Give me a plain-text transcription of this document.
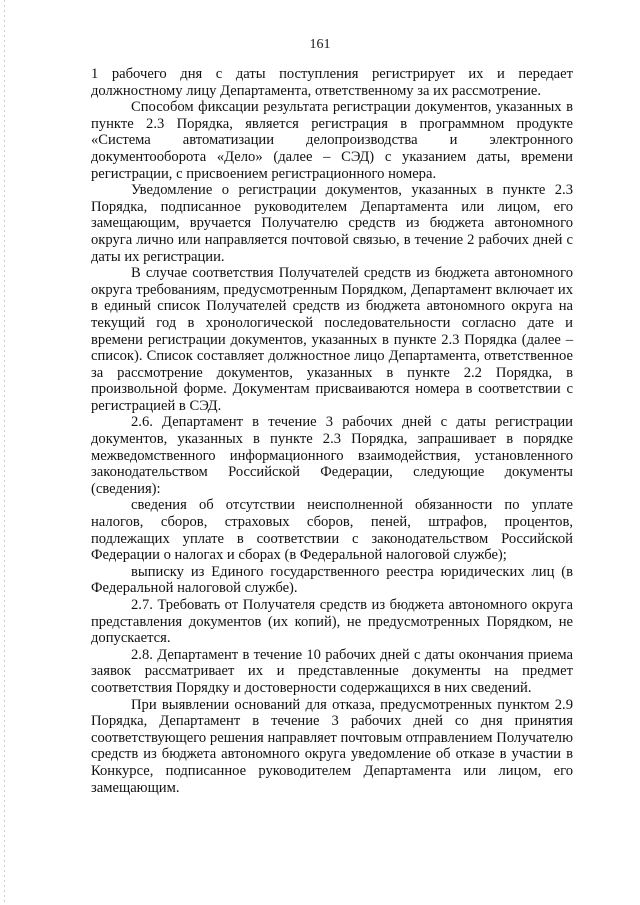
161

1 рабочего дня с даты поступления регистрирует их и передает должностному лицу Департамента, ответственному за их рассмотрение.

Способом фиксации результата регистрации документов, указанных в пункте 2.3 Порядка, является регистрация в программном продукте «Система автоматизации делопроизводства и электронного документооборота «Дело» (далее – СЭД) с указанием даты, времени регистрации, с присвоением регистрационного номера.

Уведомление о регистрации документов, указанных в пункте 2.3 Порядка, подписанное руководителем Департамента или лицом, его замещающим, вручается Получателю средств из бюджета автономного округа лично или направляется почтовой связью, в течение 2 рабочих дней с даты их регистрации.

В случае соответствия Получателей средств из бюджета автономного округа требованиям, предусмотренным Порядком, Департамент включает их в единый список Получателей средств из бюджета автономного округа на текущий год в хронологической последовательности согласно дате и времени регистрации документов, указанных в пункте 2.3 Порядка (далее – список). Список составляет должностное лицо Департамента, ответственное за рассмотрение документов, указанных в пункте 2.2 Порядка, в произвольной форме. Документам присваиваются номера в соответствии с регистрацией в СЭД.

2.6. Департамент в течение 3 рабочих дней с даты регистрации документов, указанных в пункте 2.3 Порядка, запрашивает в порядке межведомственного информационного взаимодействия, установленного законодательством Российской Федерации, следующие документы (сведения):

сведения об отсутствии неисполненной обязанности по уплате налогов, сборов, страховых сборов, пеней, штрафов, процентов, подлежащих уплате в соответствии с законодательством Российской Федерации о налогах и сборах (в Федеральной налоговой службе);

выписку из Единого государственного реестра юридических лиц (в Федеральной налоговой службе).

2.7. Требовать от Получателя средств из бюджета автономного округа представления документов (их копий), не предусмотренных Порядком, не допускается.

2.8. Департамент в течение 10 рабочих дней с даты окончания приема заявок рассматривает их и представленные документы на предмет соответствия Порядку и достоверности содержащихся в них сведений.

При выявлении оснований для отказа, предусмотренных пунктом 2.9 Порядка, Департамент в течение 3 рабочих дней со дня принятия соответствующего решения направляет почтовым отправлением Получателю средств из бюджета автономного округа уведомление об отказе в участии в Конкурсе, подписанное руководителем Департамента или лицом, его замещающим.
